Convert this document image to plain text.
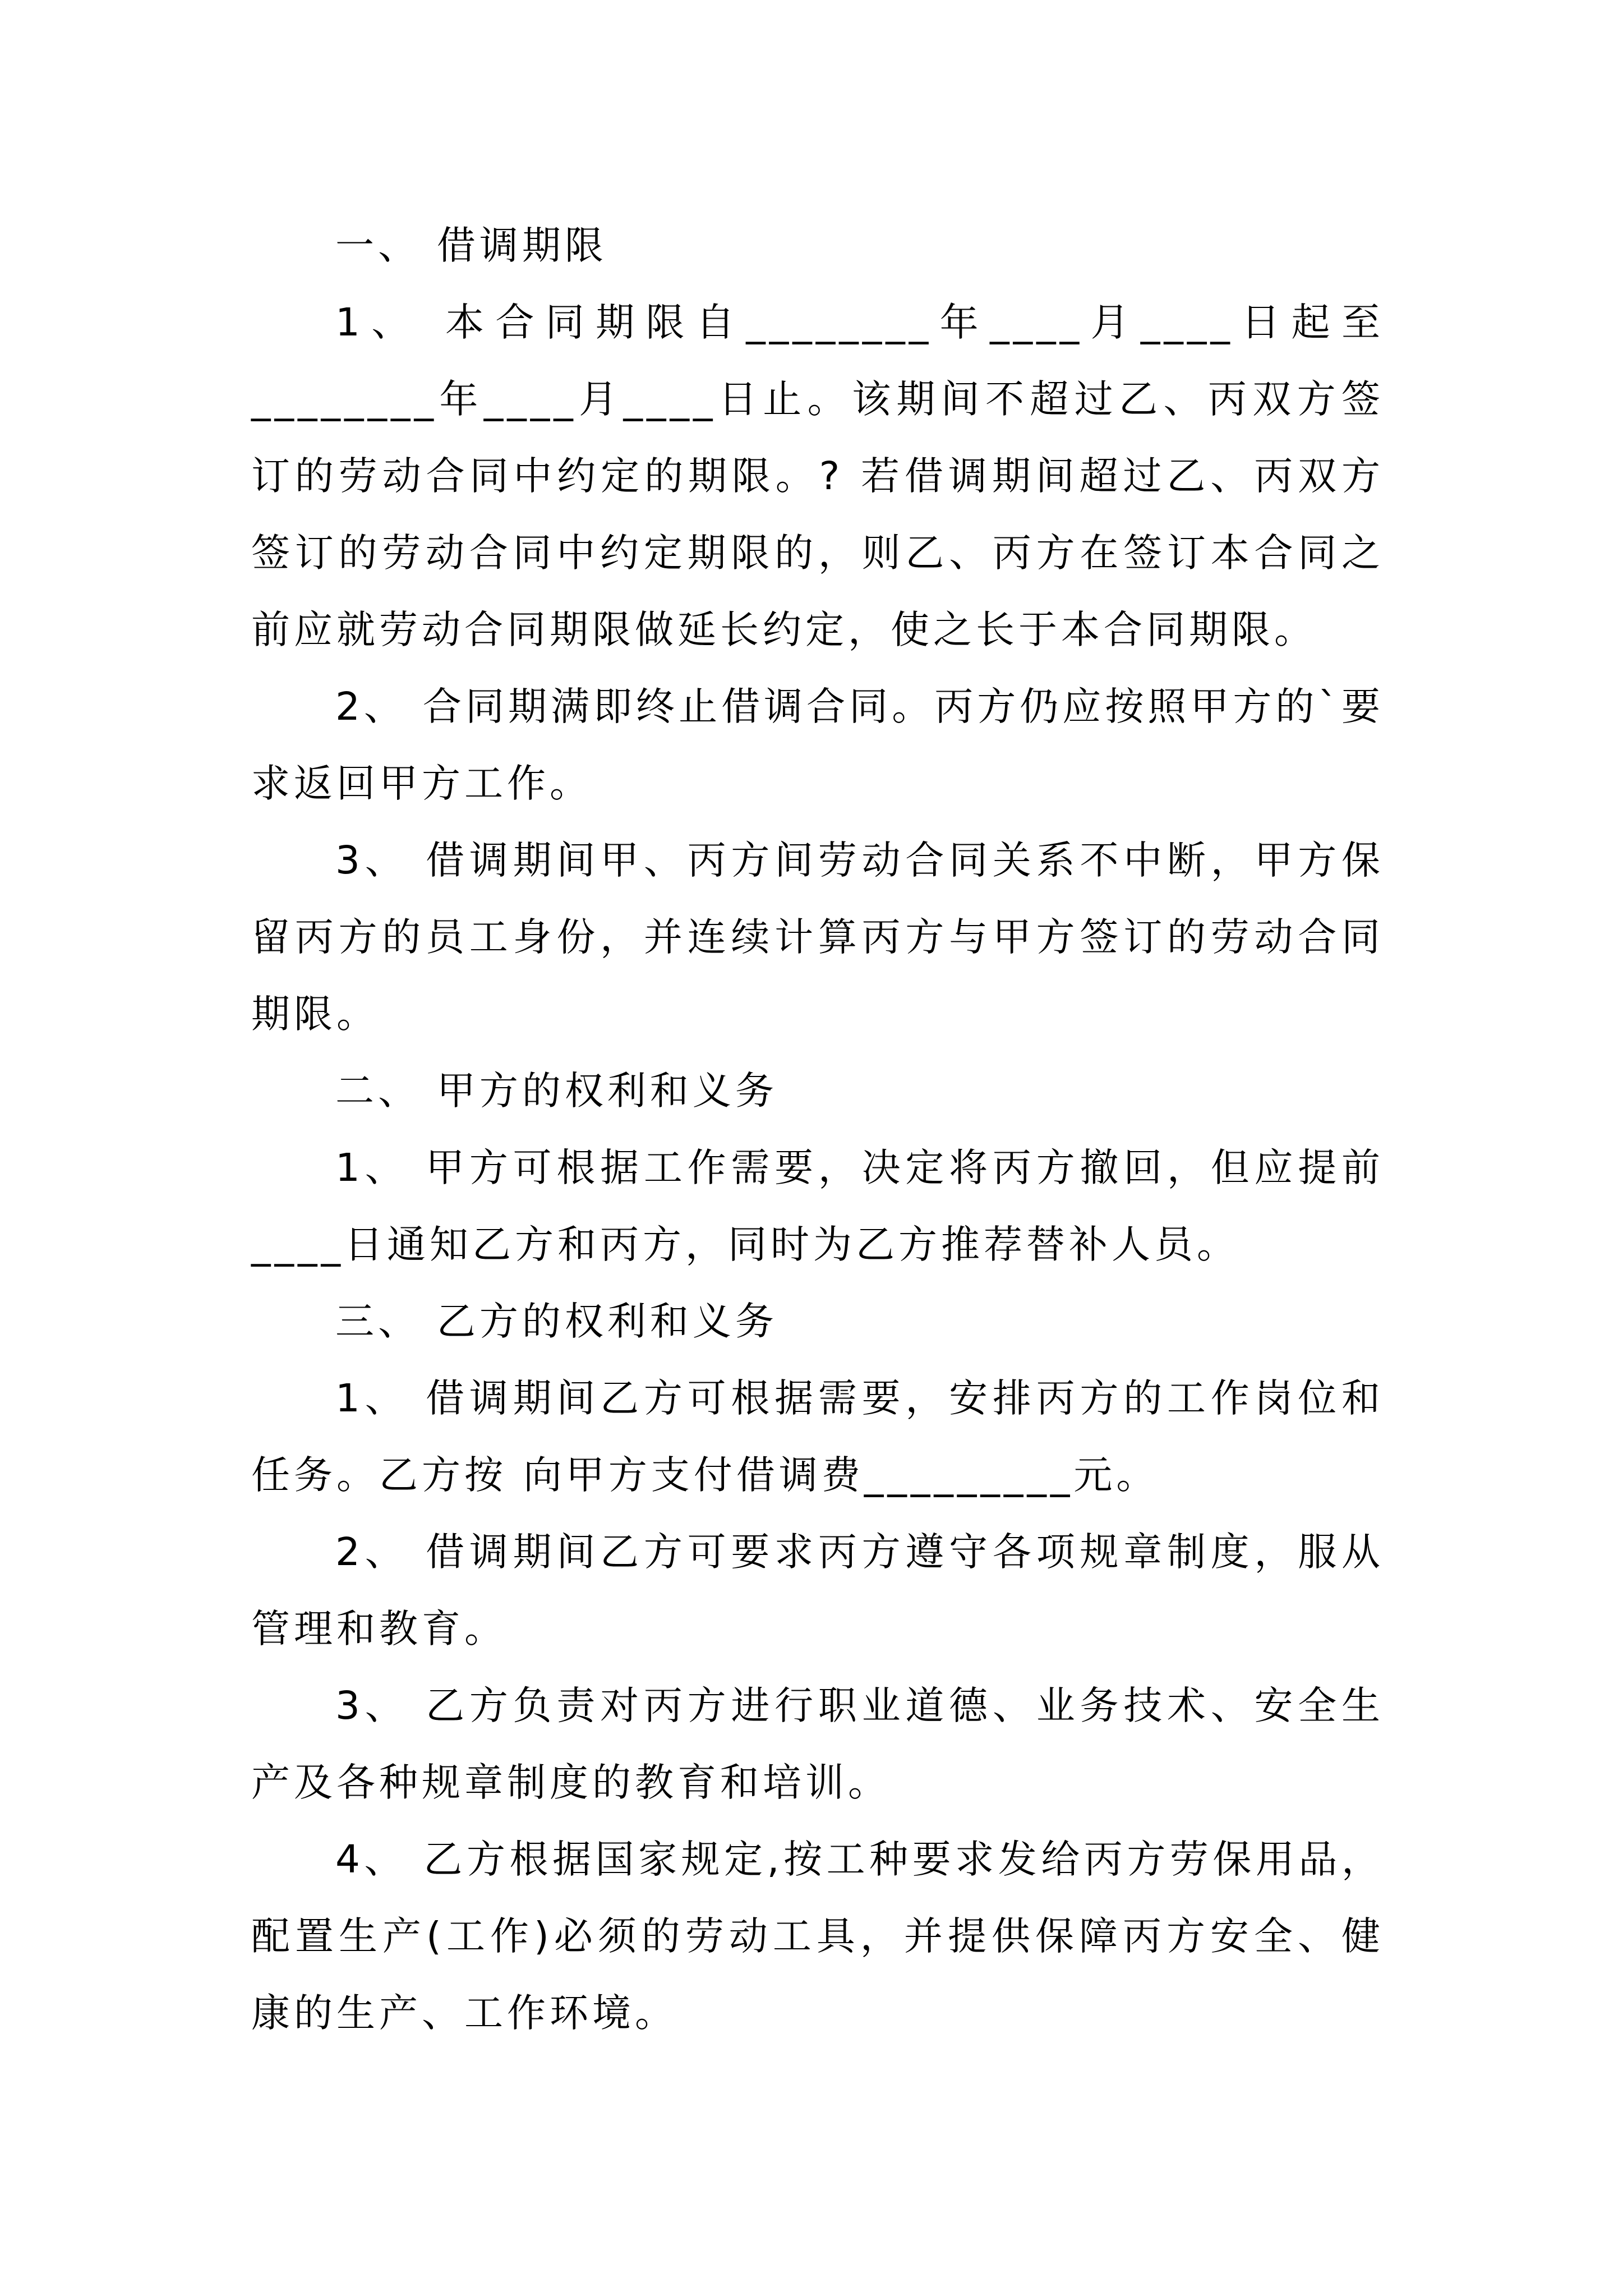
一、 借调期限

1、 本合同期限自________年____月____日起至________年____月____日止。该期间不超过乙、丙双方签订的劳动合同中约定的期限。? 若借调期间超过乙、丙双方签订的劳动合同中约定期限的，则乙、丙方在签订本合同之前应就劳动合同期限做延长约定，使之长于本合同期限。

2、 合同期满即终止借调合同。丙方仍应按照甲方的`要求返回甲方工作。

3、 借调期间甲、丙方间劳动合同关系不中断，甲方保留丙方的员工身份，并连续计算丙方与甲方签订的劳动合同期限。

二、 甲方的权利和义务

1、 甲方可根据工作需要，决定将丙方撤回，但应提前____日通知乙方和丙方，同时为乙方推荐替补人员。

三、 乙方的权利和义务

1、 借调期间乙方可根据需要，安排丙方的工作岗位和任务。乙方按 向甲方支付借调费_________元。

2、 借调期间乙方可要求丙方遵守各项规章制度，服从管理和教育。

3、 乙方负责对丙方进行职业道德、业务技术、安全生产及各种规章制度的教育和培训。

4、 乙方根据国家规定,按工种要求发给丙方劳保用品，配置生产(工作)必须的劳动工具，并提供保障丙方安全、健康的生产、工作环境。
